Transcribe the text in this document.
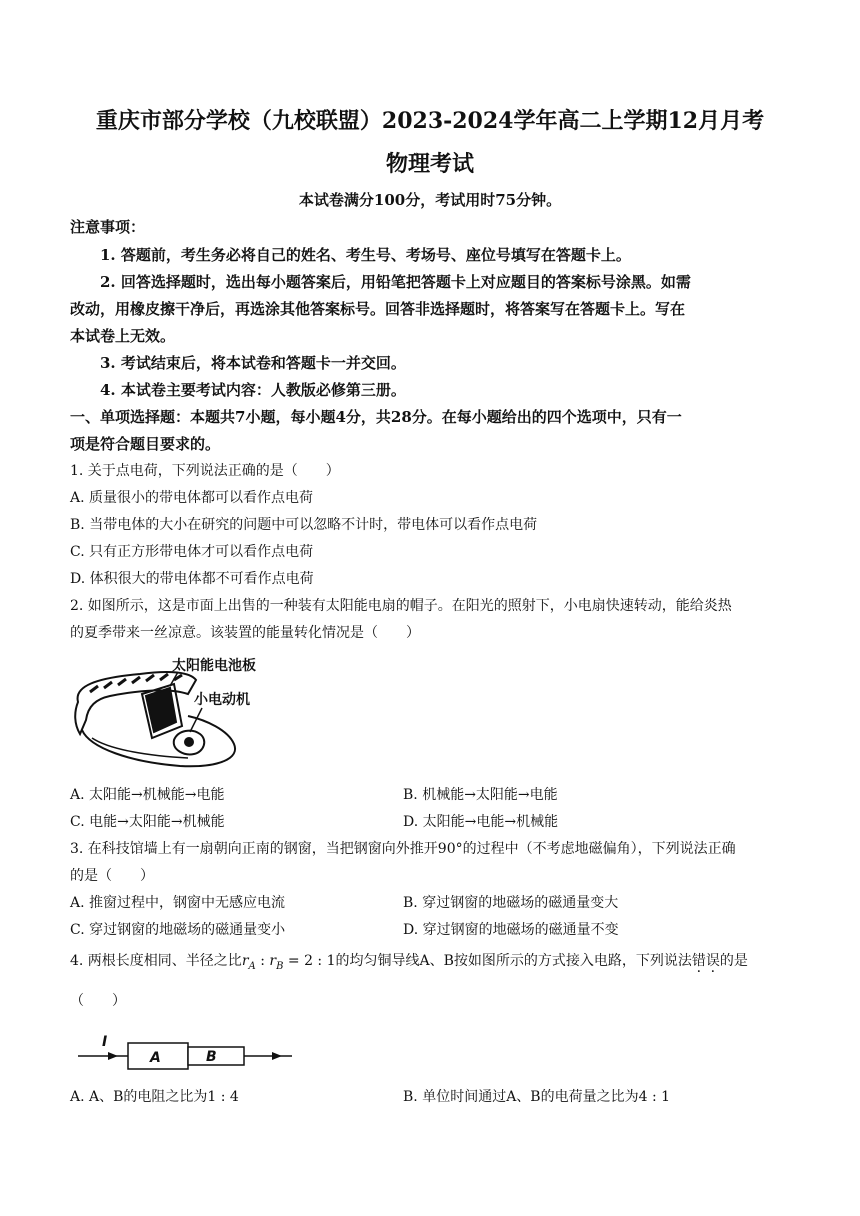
重庆市部分学校（九校联盟）2023-2024学年高二上学期12月月考
物理考试
本试卷满分100分，考试用时75分钟。
注意事项：
1. 答题前，考生务必将自己的姓名、考生号、考场号、座位号填写在答题卡上。
2. 回答选择题时，选出每小题答案后，用铅笔把答题卡上对应题目的答案标号涂黑。如需
改动，用橡皮擦干净后，再选涂其他答案标号。回答非选择题时，将答案写在答题卡上。写在
本试卷上无效。
3. 考试结束后，将本试卷和答题卡一并交回。
4. 本试卷主要考试内容：人教版必修第三册。
一、单项选择题：本题共7小题，每小题4分，共28分。在每小题给出的四个选项中，只有一
项是符合题目要求的。
1. 关于点电荷，下列说法正确的是（　　）
A. 质量很小的带电体都可以看作点电荷
B. 当带电体的大小在研究的问题中可以忽略不计时，带电体可以看作点电荷
C. 只有正方形带电体才可以看作点电荷
D. 体积很大的带电体都不可看作点电荷
2. 如图所示，这是市面上出售的一种装有太阳能电扇的帽子。在阳光的照射下，小电扇快速转动，能给炎热
的夏季带来一丝凉意。该装置的能量转化情况是（　　）
太阳能电池板
小电动机
A. 太阳能→机械能→电能	B. 机械能→太阳能→电能
C. 电能→太阳能→机械能	D. 太阳能→电能→机械能
3. 在科技馆墙上有一扇朝向正南的钢窗，当把钢窗向外推开90°的过程中（不考虑地磁偏角），下列说法正确
的是（　　）
A. 推窗过程中，钢窗中无感应电流	B. 穿过钢窗的地磁场的磁通量变大
C. 穿过钢窗的地磁场的磁通量变小	D. 穿过钢窗的地磁场的磁通量不变
4. 两根长度相同、半径之比$r_A$ : $r_B = 2$ : 1的均匀铜导线A、B按如图所示的方式接入电路，下列说法错误的是
（　　）
I
A	B
A. A、B的电阻之比为1 : 4	B. 单位时间通过A、B的电荷量之比为4 : 1
